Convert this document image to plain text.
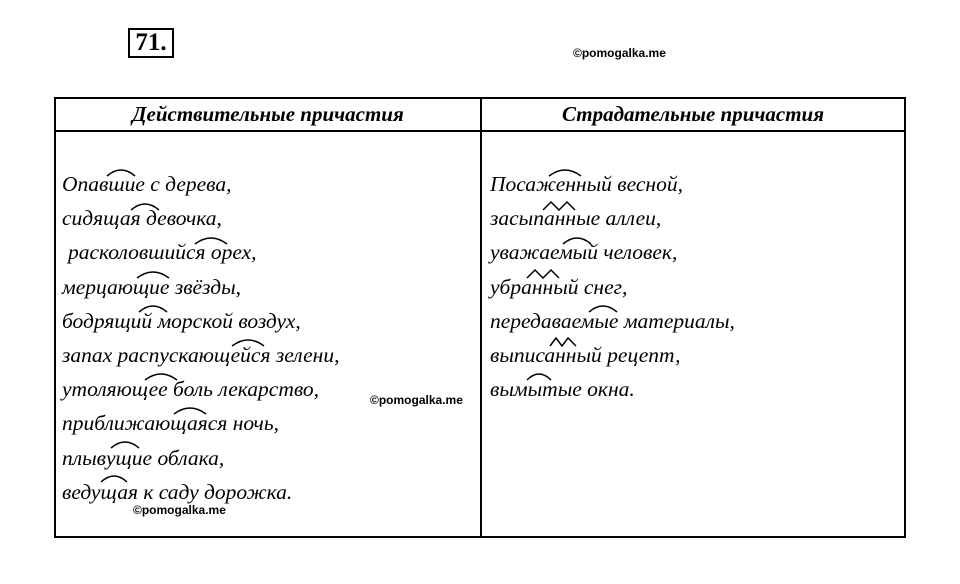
71.	©pomogalka.me
Действительные причастия	Страдательные причастия
Опавшие с дерева,
сидящая девочка,
расколовшийся орех,
мерцающие звёзды,
бодрящий морской воздух,
запах распускающейся зелени,
утоляющее боль лекарство,
приближающаяся ночь,
плывущие облака,
ведущая к саду дорожка.
Посаженный весной,
засыпанные аллеи,
уважаемый человек,
убранный снег,
передаваемые материалы,
выписанный рецепт,
вымытые окна.
©pomogalka.me
©pomogalka.me
